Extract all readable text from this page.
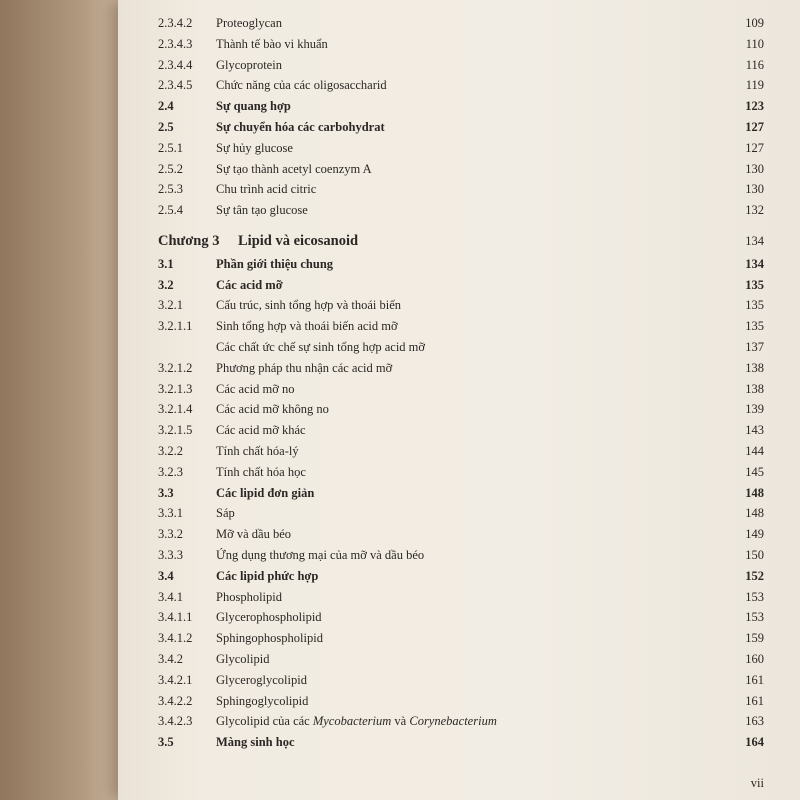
2.3.4.2 Proteoglycan	109
2.3.4.3 Thành tế bào vi khuẩn	110
2.3.4.4 Glycoprotein	116
2.3.4.5 Chức năng của các oligosaccharid	119
2.4	Sự quang hợp	123
2.5	Sự chuyển hóa các carbohydrat	127
2.5.1	Sự hủy glucose	127
2.5.2	Sự tạo thành acetyl coenzym A	130
2.5.3	Chu trình acid citric	130
2.5.4	Sự tân tạo glucose	132
Chương 3 Lipid và eicosanoid	134
3.1	Phần giới thiệu chung	134
3.2	Các acid mỡ	135
3.2.1	Cấu trúc, sinh tổng hợp và thoái biến	135
3.2.1.1 Sinh tổng hợp và thoái biến acid mỡ	135
Các chất ức chế sự sinh tổng hợp acid mỡ	137
3.2.1.2 Phương pháp thu nhận các acid mỡ	138
3.2.1.3 Các acid mỡ no	138
3.2.1.4 Các acid mỡ không no	139
3.2.1.5 Các acid mỡ khác	143
3.2.2	Tính chất hóa-lý	144
3.2.3	Tính chất hóa học	145
3.3	Các lipid đơn giản	148
3.3.1	Sáp	148
3.3.2	Mỡ và dầu béo	149
3.3.3	Ứng dụng thương mại của mỡ và dầu béo	150
3.4	Các lipid phức hợp	152
3.4.1	Phospholipid	153
3.4.1.1 Glycerophospholipid	153
3.4.1.2 Sphingophospholipid	159
3.4.2	Glycolipid	160
3.4.2.1 Glyceroglycolipid	161
3.4.2.2 Sphingoglycolipid	161
3.4.2.3 Glycolipid của các Mycobacterium và Corynebacterium	163
3.5	Màng sinh học	164
vii
